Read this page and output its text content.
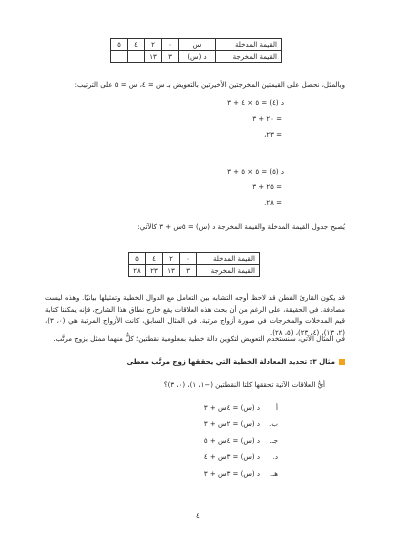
القيمة المدخلة	س	٠	٢	٤	٥
القيمة المخرجة	د (س)	٣	١٣		
وبالمثل، نحصل على القيمتين المخرجتين الأخيرتين بالتعويض بـ س = ٤، س = ٥ على الترتيب:
د (٤) = ٥ × ٤ + ٣
= ٢٠ + ٣
= ٢٣،
د (٥) = ٥ × ٥ + ٣
= ٢٥ + ٣
= ٢٨.
يُصبح جدول القيمة المدخلة والقيمة المخرجة د (س) = ٥س + ٣ كالآتي:
القيمة المدخلة	٠	٢	٤	٥
القيمة المخرجة	٣	١٣	٢٣	٢٨
قد يكون القارئ الفطن قد لاحظ أوجه التشابه بين التعامل مع الدوال الخطية وتمثيلها بيانيًا. وهذه ليست مصادفة. في الحقيقة، على الرغم من أن بحث هذه العلاقات يقع خارج نطاق هذا الشارح، فإنه يمكننا كتابة قيم المدخلات والمخرجات في صورة أزواج مرتبة. في المثال السابق، كانت الأزواج المرتبة هي (٠، ٣)، (٢، ١٣)، (٤، ٢٣)، (٥، ٢٨).
في المثال الآتي، سنستخدم التعويض لتكوين دالة خطية بمعلومية نقطتين؛ كلٌّ منهما ممثل بزوج مرتَّب.
مثال ٣: تحديد المعادلة الخطية التي يحققها زوج مرتَّب معطى
أيُّ العلاقات الآتية تحققها كلتا النقطتين (−١، ١)، (٠، ٣)؟
أ
د (س) = ٤س + ٣
ب.
د (س) = ٢س + ٣
جـ.
د (س) = ٤س + ٥
د.
د (س) = ٣س + ٤
هـ.
د (س) = ٣س + ٣
٤
